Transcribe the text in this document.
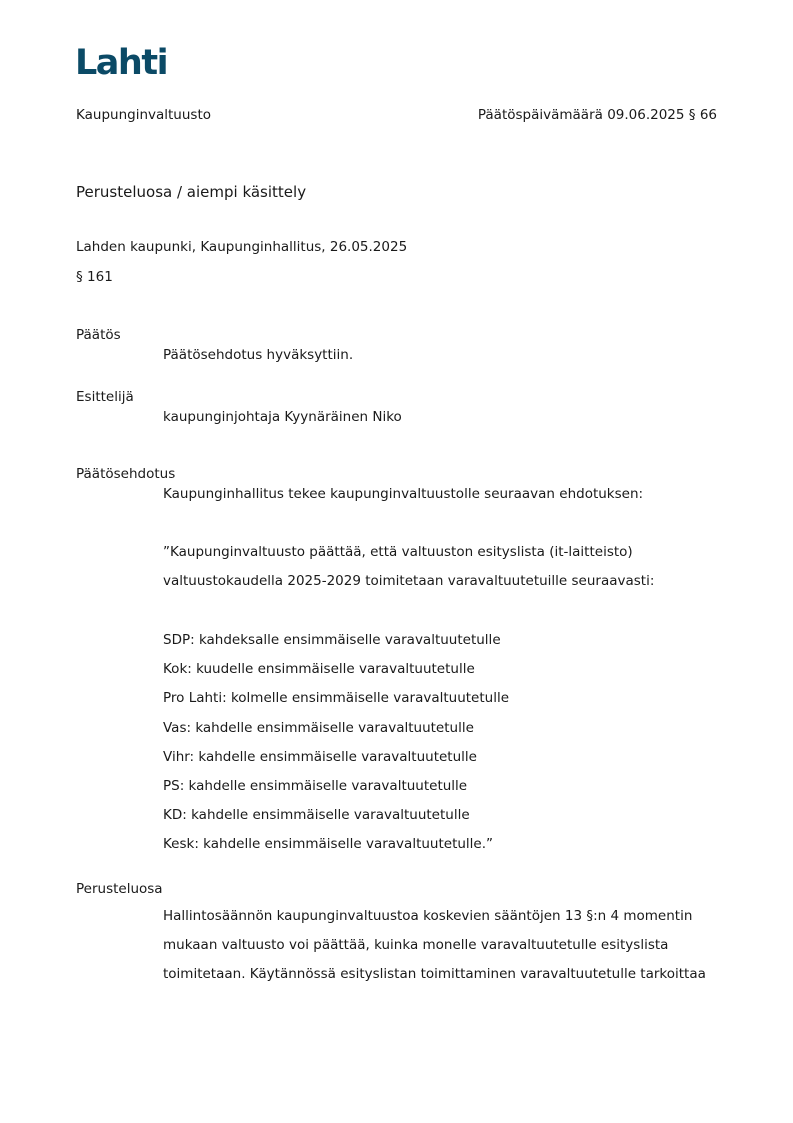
Lahti
Kaupunginvaltuusto	Päätöspäivämäärä 09.06.2025 § 66
Perusteluosa / aiempi käsittely
Lahden kaupunki, Kaupunginhallitus, 26.05.2025
§ 161
Päätös
Päätösehdotus hyväksyttiin.
Esittelijä
kaupunginjohtaja Kyynäräinen Niko
Päätösehdotus
Kaupunginhallitus tekee kaupunginvaltuustolle seuraavan ehdotuksen:
”Kaupunginvaltuusto päättää, että valtuuston esityslista (it-laitteisto)
valtuustokaudella 2025-2029 toimitetaan varavaltuutetuille seuraavasti:
SDP: kahdeksalle ensimmäiselle varavaltuutetulle
Kok: kuudelle ensimmäiselle varavaltuutetulle
Pro Lahti: kolmelle ensimmäiselle varavaltuutetulle
Vas: kahdelle ensimmäiselle varavaltuutetulle
Vihr: kahdelle ensimmäiselle varavaltuutetulle
PS: kahdelle ensimmäiselle varavaltuutetulle
KD: kahdelle ensimmäiselle varavaltuutetulle
Kesk: kahdelle ensimmäiselle varavaltuutetulle.”
Perusteluosa
Hallintosäännön kaupunginvaltuustoa koskevien sääntöjen 13 §:n 4 momentin
mukaan valtuusto voi päättää, kuinka monelle varavaltuutetulle esityslista
toimitetaan. Käytännössä esityslistan toimittaminen varavaltuutetulle tarkoittaa
